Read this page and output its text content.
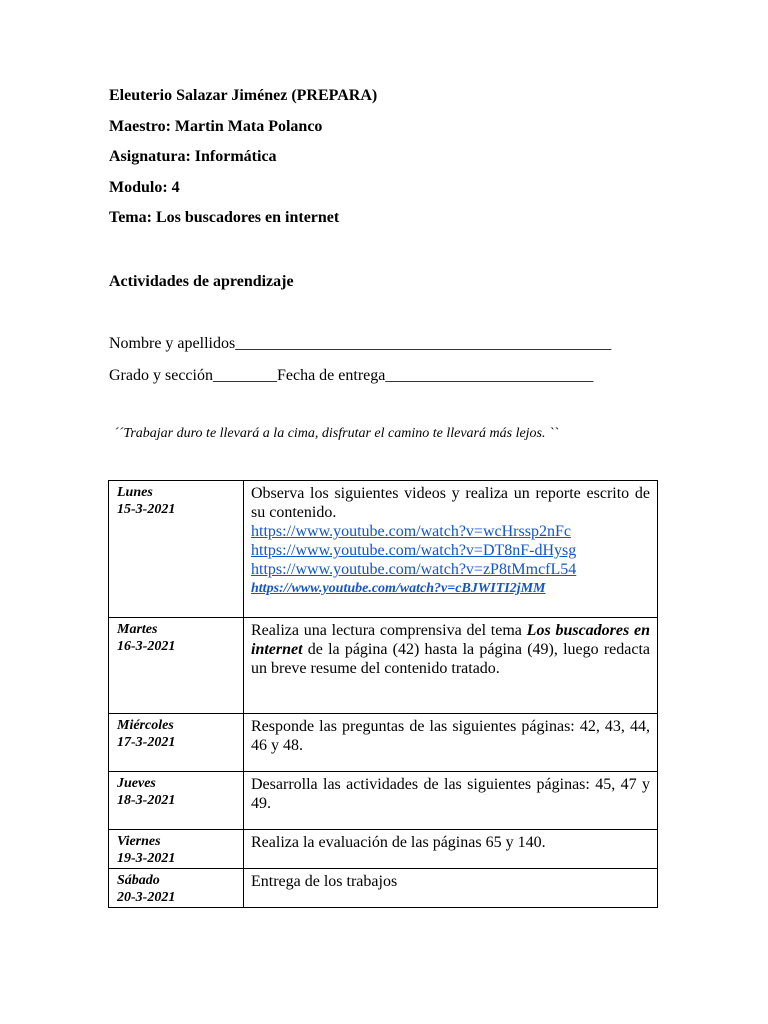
Eleuterio Salazar Jiménez (PREPARA)
Maestro: Martin Mata Polanco
Asignatura: Informática
Modulo: 4
Tema: Los buscadores en internet
Actividades de aprendizaje
Nombre y apellidos_______________________________________________
Grado y sección________Fecha de entrega__________________________
´´Trabajar duro te llevará a la cima, disfrutar el camino te llevará más lejos. ``
Lunes
15-3-2021	Observa los siguientes videos y realiza un reporte escrito de su contenido.
https://www.youtube.com/watch?v=wcHrssp2nFc
https://www.youtube.com/watch?v=DT8nF-dHysg
https://www.youtube.com/watch?v=zP8tMmcfL54
https://www.youtube.com/watch?v=cBJWITI2jMM

Martes
16-3-2021	Realiza una lectura comprensiva del tema Los buscadores en internet de la página (42) hasta la página (49), luego redacta un breve resume del contenido tratado.

Miércoles
17-3-2021	Responde las preguntas de las siguientes páginas: 42, 43, 44, 46 y 48.

Jueves
18-3-2021	Desarrolla las actividades de las siguientes páginas: 45, 47 y 49.

Viernes
19-3-2021	Realiza la evaluación de las páginas 65 y 140.

Sábado
20-3-2021	Entrega de los trabajos
